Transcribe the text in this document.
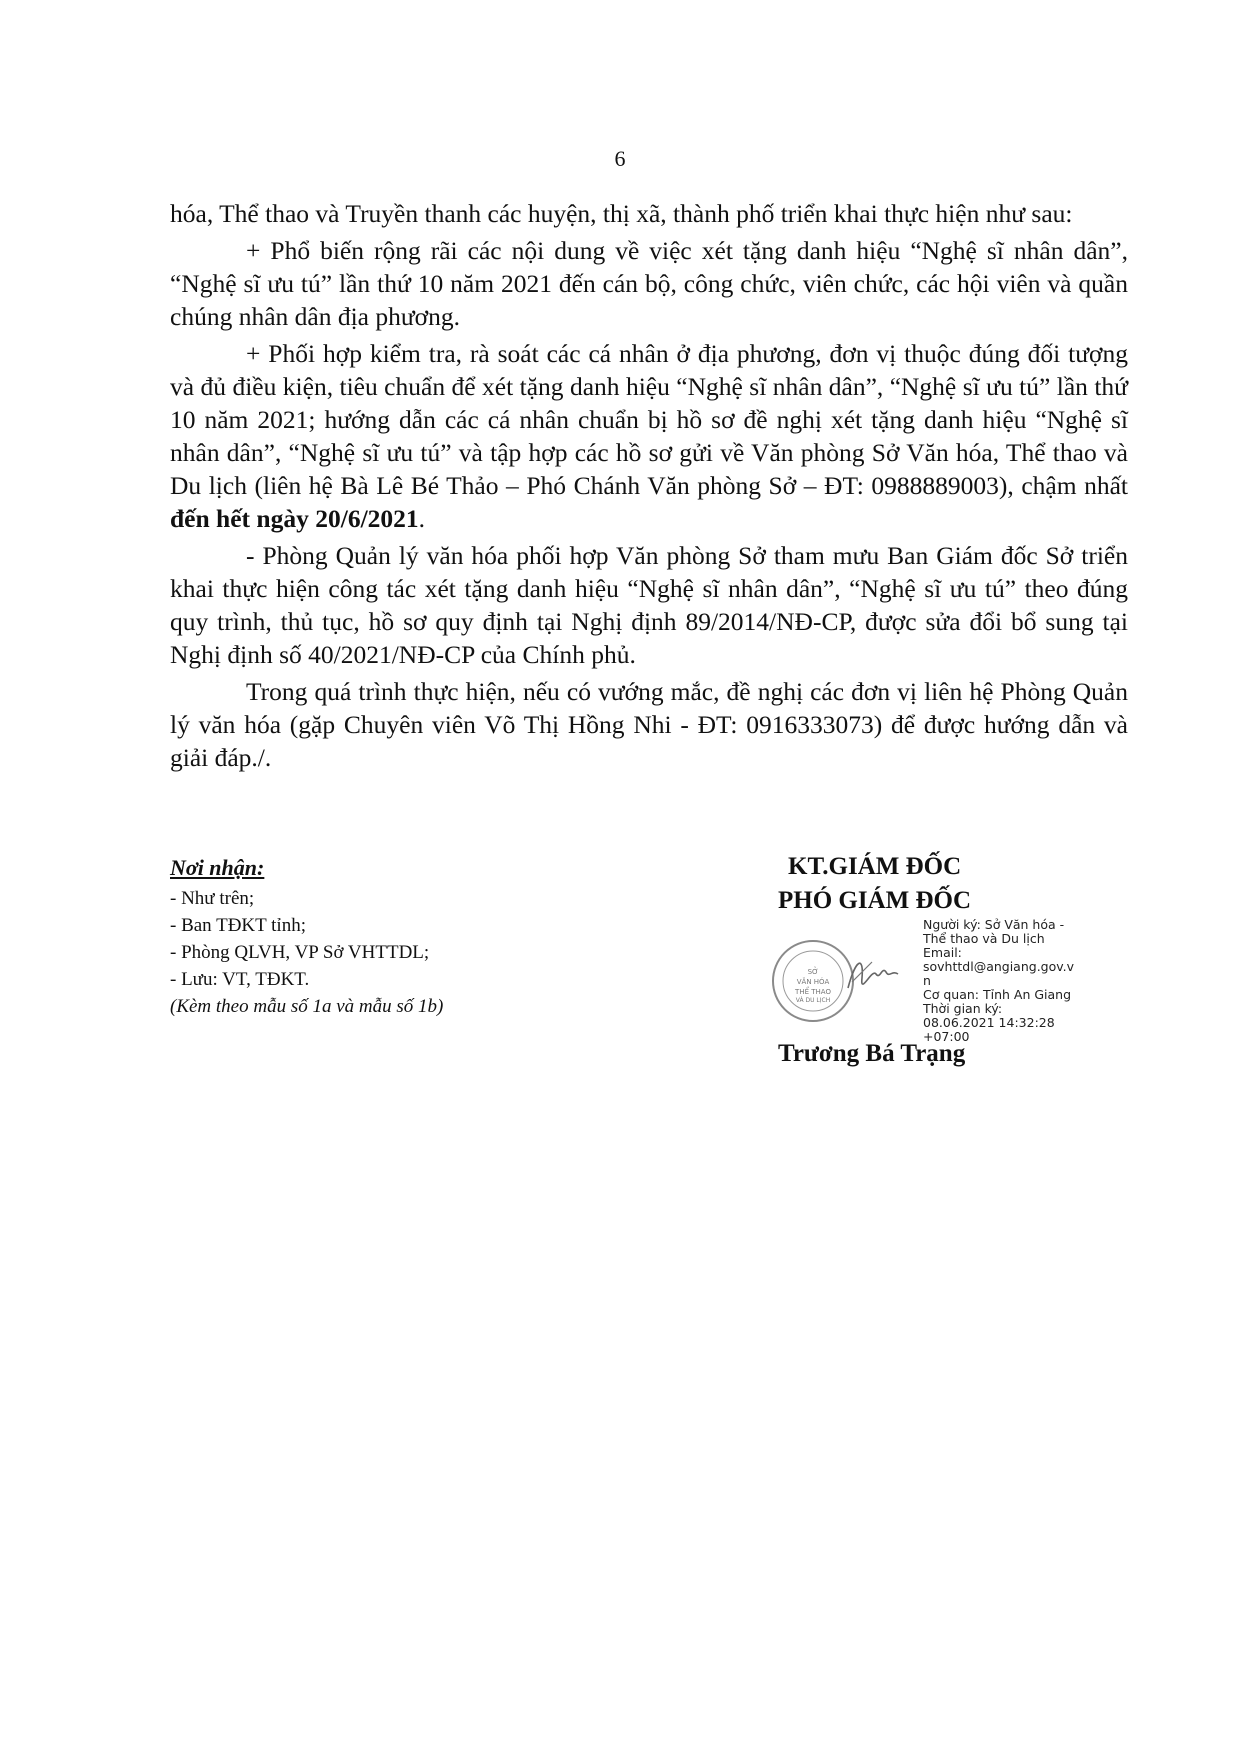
6

hóa, Thể thao và Truyền thanh các huyện, thị xã, thành phố triển khai thực hiện như sau:

+ Phổ biến rộng rãi các nội dung về việc xét tặng danh hiệu “Nghệ sĩ nhân dân”, “Nghệ sĩ ưu tú” lần thứ 10 năm 2021 đến cán bộ, công chức, viên chức, các hội viên và quần chúng nhân dân địa phương.

+ Phối hợp kiểm tra, rà soát các cá nhân ở địa phương, đơn vị thuộc đúng đối tượng và đủ điều kiện, tiêu chuẩn để xét tặng danh hiệu “Nghệ sĩ nhân dân”, “Nghệ sĩ ưu tú” lần thứ 10 năm 2021; hướng dẫn các cá nhân chuẩn bị hồ sơ đề nghị xét tặng danh hiệu “Nghệ sĩ nhân dân”, “Nghệ sĩ ưu tú” và tập hợp các hồ sơ gửi về Văn phòng Sở Văn hóa, Thể thao và Du lịch (liên hệ Bà Lê Bé Thảo – Phó Chánh Văn phòng Sở – ĐT: 0988889003), chậm nhất đến hết ngày 20/6/2021.

- Phòng Quản lý văn hóa phối hợp Văn phòng Sở tham mưu Ban Giám đốc Sở triển khai thực hiện công tác xét tặng danh hiệu “Nghệ sĩ nhân dân”, “Nghệ sĩ ưu tú” theo đúng quy trình, thủ tục, hồ sơ quy định tại Nghị định 89/2014/NĐ-CP, được sửa đổi bổ sung tại Nghị định số 40/2021/NĐ-CP của Chính phủ.

Trong quá trình thực hiện, nếu có vướng mắc, đề nghị các đơn vị liên hệ Phòng Quản lý văn hóa (gặp Chuyên viên Võ Thị Hồng Nhi - ĐT: 0916333073) để được hướng dẫn và giải đáp./.

Nơi nhận:
- Như trên;
- Ban TĐKT tỉnh;
- Phòng QLVH, VP Sở VHTTDL;
- Lưu: VT, TĐKT.
(Kèm theo mẫu số 1a và mẫu số 1b)
KT.GIÁM ĐỐC
PHÓ GIÁM ĐỐC
SỞ
VĂN HÓA
THỂ THAO
VÀ DU LỊCH
Người ký: Sở Văn hóa -
Thể thao và Du lịch
Email:
sovhttdl@angiang.gov.v
n
Cơ quan: Tỉnh An Giang
Thời gian ký:
08.06.2021 14:32:28
+07:00
Trương Bá Trạng
